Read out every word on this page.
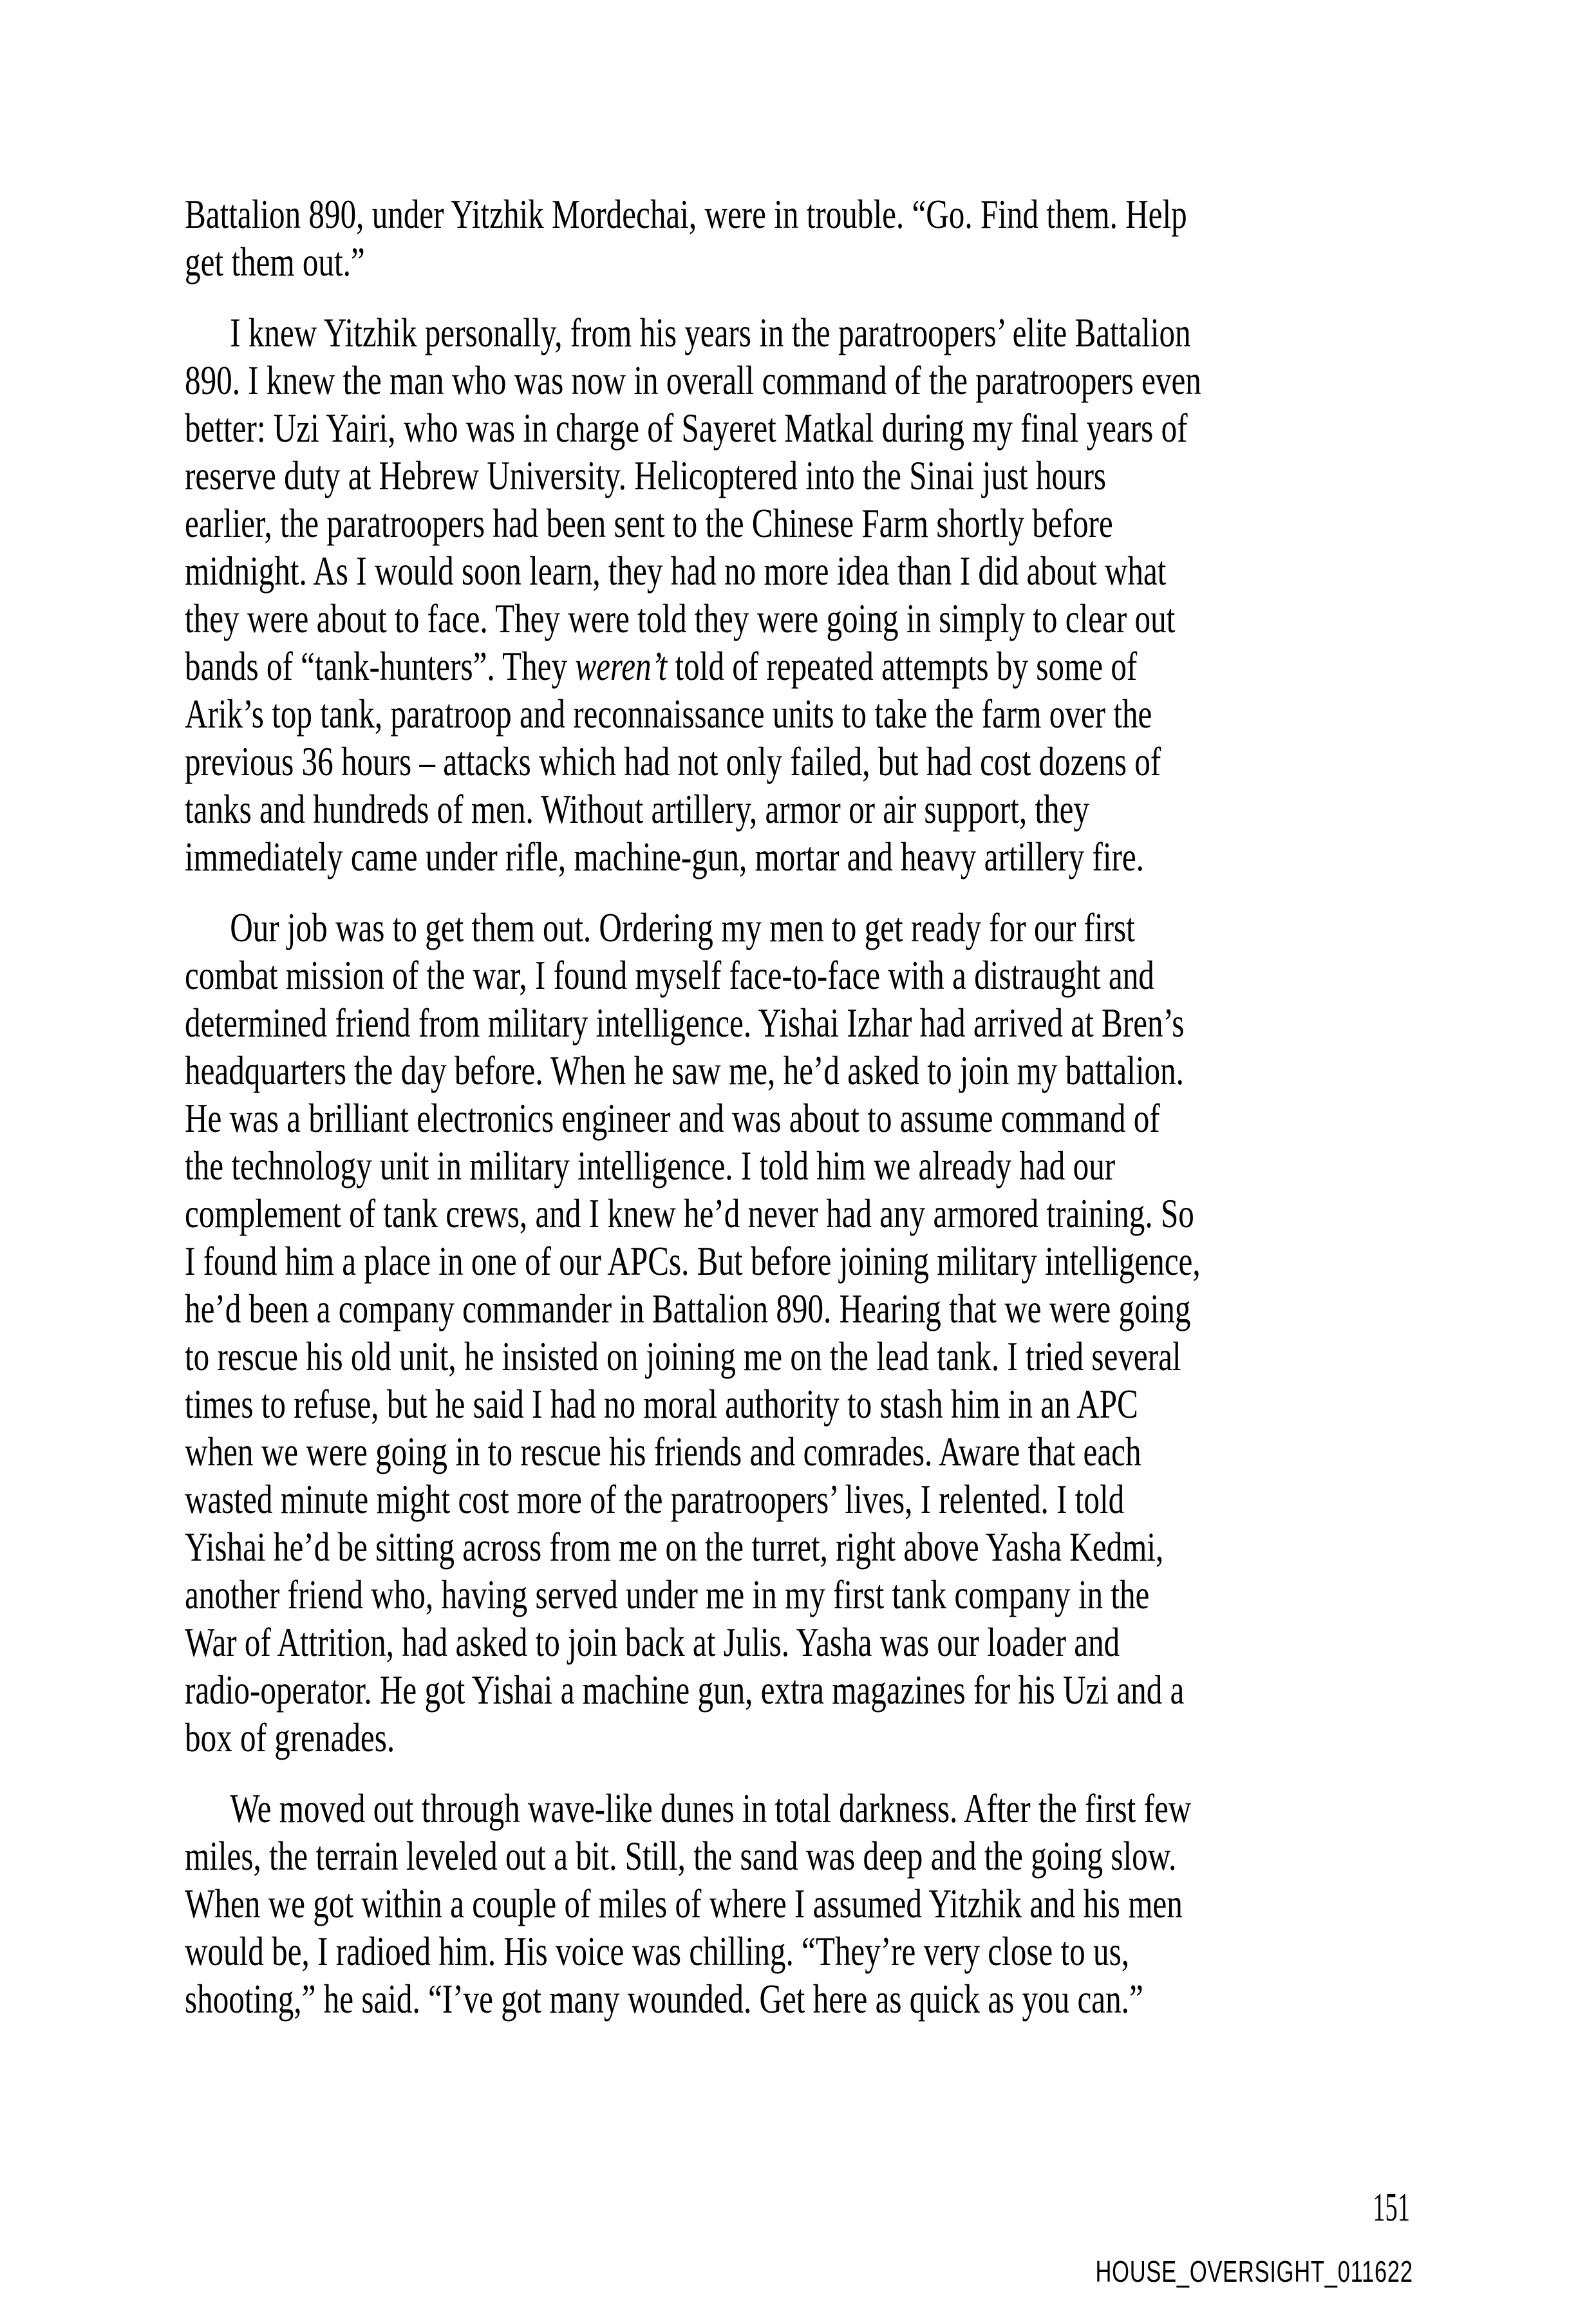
Battalion 890, under Yitzhik Mordechai, were in trouble. “Go. Find them. Help
get them out.”

I knew Yitzhik personally, from his years in the paratroopers’ elite Battalion
890. I knew the man who was now in overall command of the paratroopers even
better: Uzi Yairi, who was in charge of Sayeret Matkal during my final years of
reserve duty at Hebrew University. Helicoptered into the Sinai just hours
earlier, the paratroopers had been sent to the Chinese Farm shortly before
midnight. As I would soon learn, they had no more idea than I did about what
they were about to face. They were told they were going in simply to clear out
bands of “tank-hunters”. They weren’t told of repeated attempts by some of
Arik’s top tank, paratroop and reconnaissance units to take the farm over the
previous 36 hours – attacks which had not only failed, but had cost dozens of
tanks and hundreds of men. Without artillery, armor or air support, they
immediately came under rifle, machine-gun, mortar and heavy artillery fire.

Our job was to get them out. Ordering my men to get ready for our first
combat mission of the war, I found myself face-to-face with a distraught and
determined friend from military intelligence. Yishai Izhar had arrived at Bren’s
headquarters the day before. When he saw me, he’d asked to join my battalion.
He was a brilliant electronics engineer and was about to assume command of
the technology unit in military intelligence. I told him we already had our
complement of tank crews, and I knew he’d never had any armored training. So
I found him a place in one of our APCs. But before joining military intelligence,
he’d been a company commander in Battalion 890. Hearing that we were going
to rescue his old unit, he insisted on joining me on the lead tank. I tried several
times to refuse, but he said I had no moral authority to stash him in an APC
when we were going in to rescue his friends and comrades. Aware that each
wasted minute might cost more of the paratroopers’ lives, I relented. I told
Yishai he’d be sitting across from me on the turret, right above Yasha Kedmi,
another friend who, having served under me in my first tank company in the
War of Attrition, had asked to join back at Julis. Yasha was our loader and
radio-operator. He got Yishai a machine gun, extra magazines for his Uzi and a
box of grenades.

We moved out through wave-like dunes in total darkness. After the first few
miles, the terrain leveled out a bit. Still, the sand was deep and the going slow.
When we got within a couple of miles of where I assumed Yitzhik and his men
would be, I radioed him. His voice was chilling. “They’re very close to us,
shooting,” he said. “I’ve got many wounded. Get here as quick as you can.”

151
HOUSE_OVERSIGHT_011622
